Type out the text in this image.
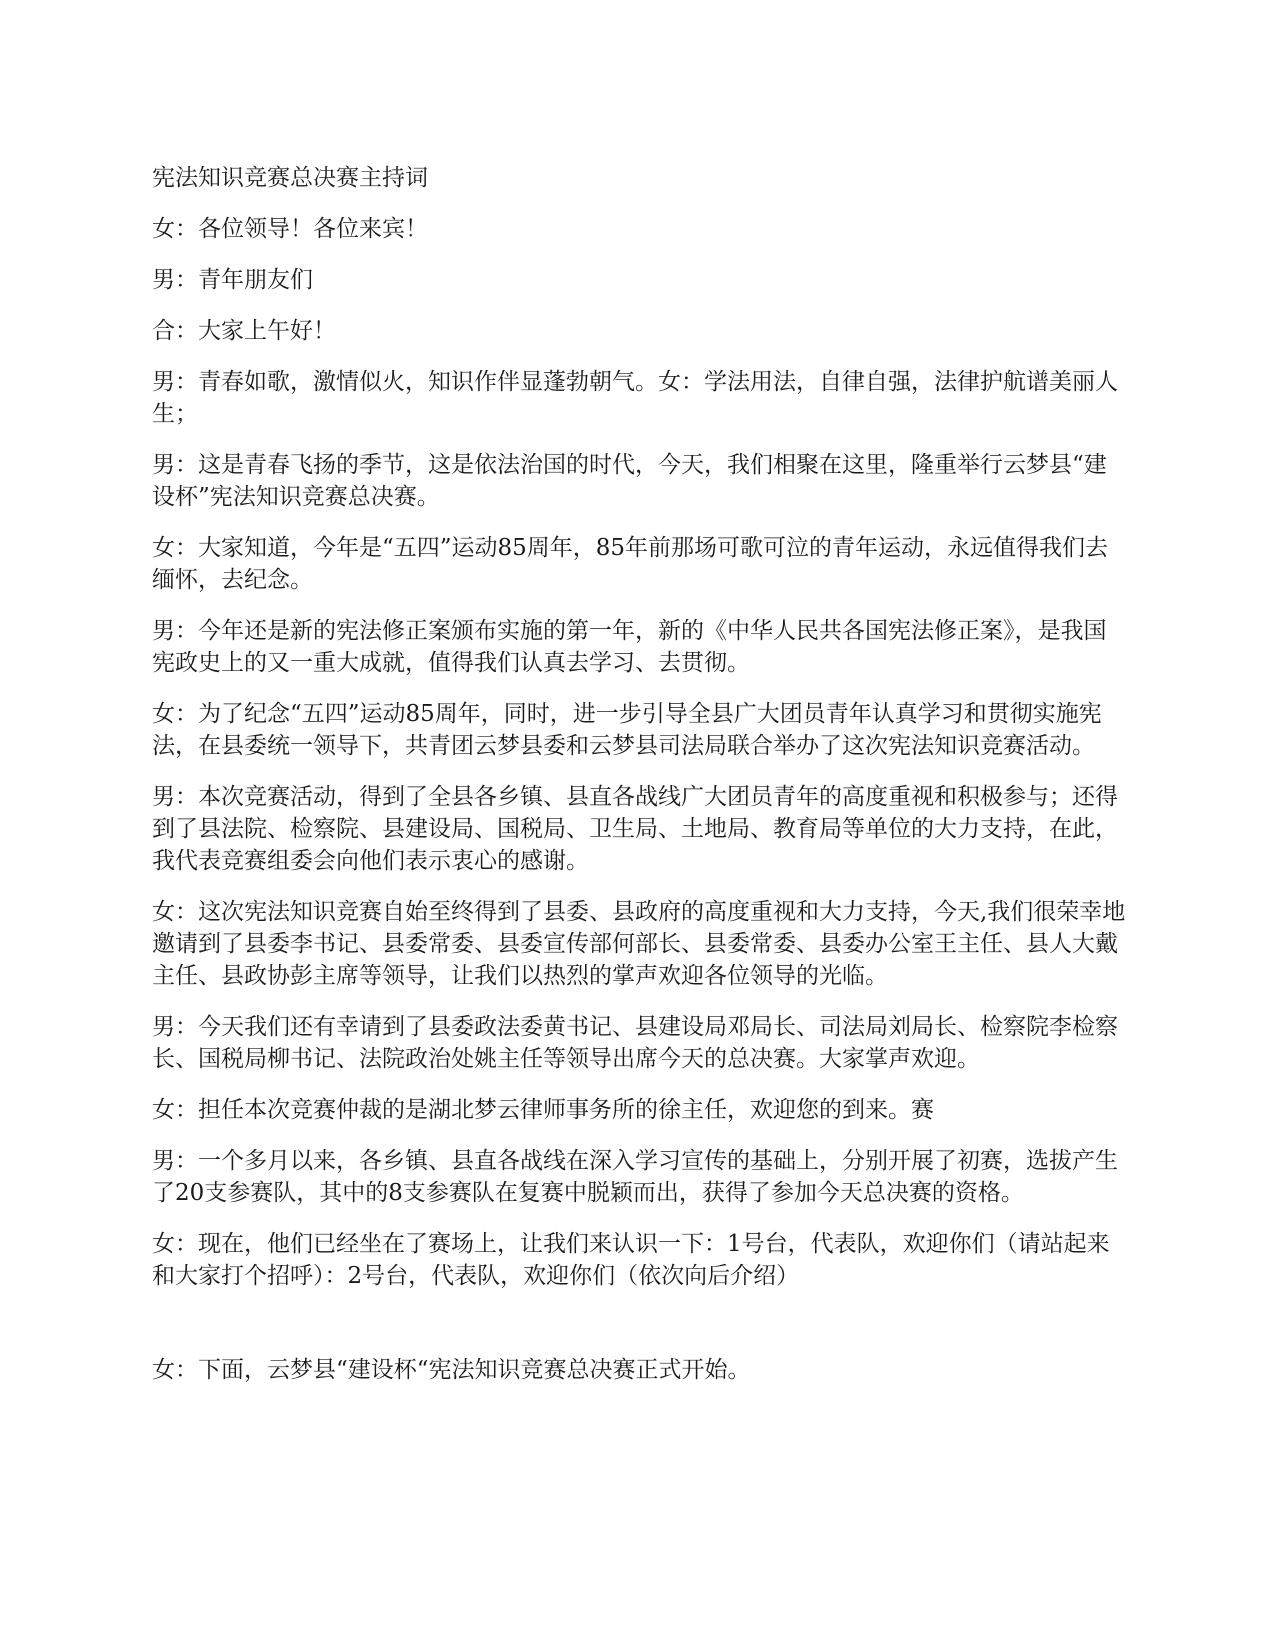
宪法知识竞赛总决赛主持词

女：各位领导！各位来宾！

男：青年朋友们

合：大家上午好！

男：青春如歌，激情似火，知识作伴显蓬勃朝气。女：学法用法，自律自强，法律护航谱美丽人生；

男：这是青春飞扬的季节，这是依法治国的时代，今天，我们相聚在这里，隆重举行云梦县“建设杯”宪法知识竞赛总决赛。

女：大家知道，今年是“五四”运动85周年，85年前那场可歌可泣的青年运动，永远值得我们去缅怀，去纪念。

男：今年还是新的宪法修正案颁布实施的第一年，新的《中华人民共各国宪法修正案》，是我国宪政史上的又一重大成就，值得我们认真去学习、去贯彻。

女：为了纪念“五四”运动85周年，同时，进一步引导全县广大团员青年认真学习和贯彻实施宪法，在县委统一领导下，共青团云梦县委和云梦县司法局联合举办了这次宪法知识竞赛活动。

男：本次竞赛活动，得到了全县各乡镇、县直各战线广大团员青年的高度重视和积极参与；还得到了县法院、检察院、县建设局、国税局、卫生局、土地局、教育局等单位的大力支持，在此，我代表竞赛组委会向他们表示衷心的感谢。

女：这次宪法知识竞赛自始至终得到了县委、县政府的高度重视和大力支持，今天,我们很荣幸地邀请到了县委李书记、县委常委、县委宣传部何部长、县委常委、县委办公室王主任、县人大戴主任、县政协彭主席等领导，让我们以热烈的掌声欢迎各位领导的光临。

男：今天我们还有幸请到了县委政法委黄书记、县建设局邓局长、司法局刘局长、检察院李检察长、国税局柳书记、法院政治处姚主任等领导出席今天的总决赛。大家掌声欢迎。

女：担任本次竞赛仲裁的是湖北梦云律师事务所的徐主任，欢迎您的到来。赛

男：一个多月以来，各乡镇、县直各战线在深入学习宣传的基础上，分别开展了初赛，选拔产生了20支参赛队，其中的8支参赛队在复赛中脱颖而出，获得了参加今天总决赛的资格。

女：现在，他们已经坐在了赛场上，让我们来认识一下：1号台，代表队，欢迎你们（请站起来和大家打个招呼）：2号台，代表队，欢迎你们（依次向后介绍）

女：下面，云梦县“建设杯“宪法知识竞赛总决赛正式开始。
